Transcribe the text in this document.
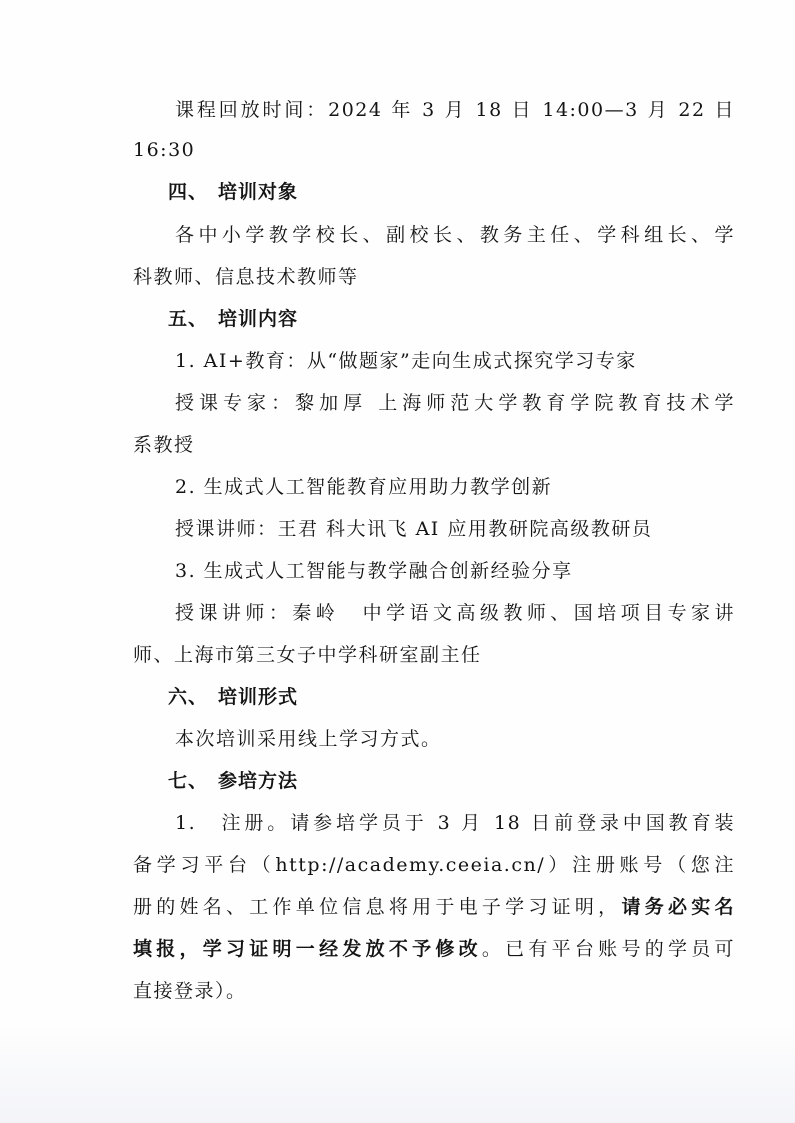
课程回放时间：2024 年 3 月 18 日 14:00—3 月 22 日
16:30
四、 培训对象
各中小学教学校长、副校长、教务主任、学科组长、学
科教师、信息技术教师等
五、 培训内容
1. AI+教育：从“做题家”走向生成式探究学习专家
授课专家：黎加厚 上海师范大学教育学院教育技术学
系教授
2. 生成式人工智能教育应用助力教学创新
授课讲师：王君 科大讯飞 AI 应用教研院高级教研员
3. 生成式人工智能与教学融合创新经验分享
授课讲师：秦岭　中学语文高级教师、国培项目专家讲
师、上海市第三女子中学科研室副主任
六、 培训形式
本次培训采用线上学习方式。
七、 参培方法
1.　注册。请参培学员于 3 月 18 日前登录中国教育装
备学习平台（http://academy.ceeia.cn/）注册账号（您注
册的姓名、工作单位信息将用于电子学习证明，请务必实名
填报，学习证明一经发放不予修改。已有平台账号的学员可
直接登录）。
